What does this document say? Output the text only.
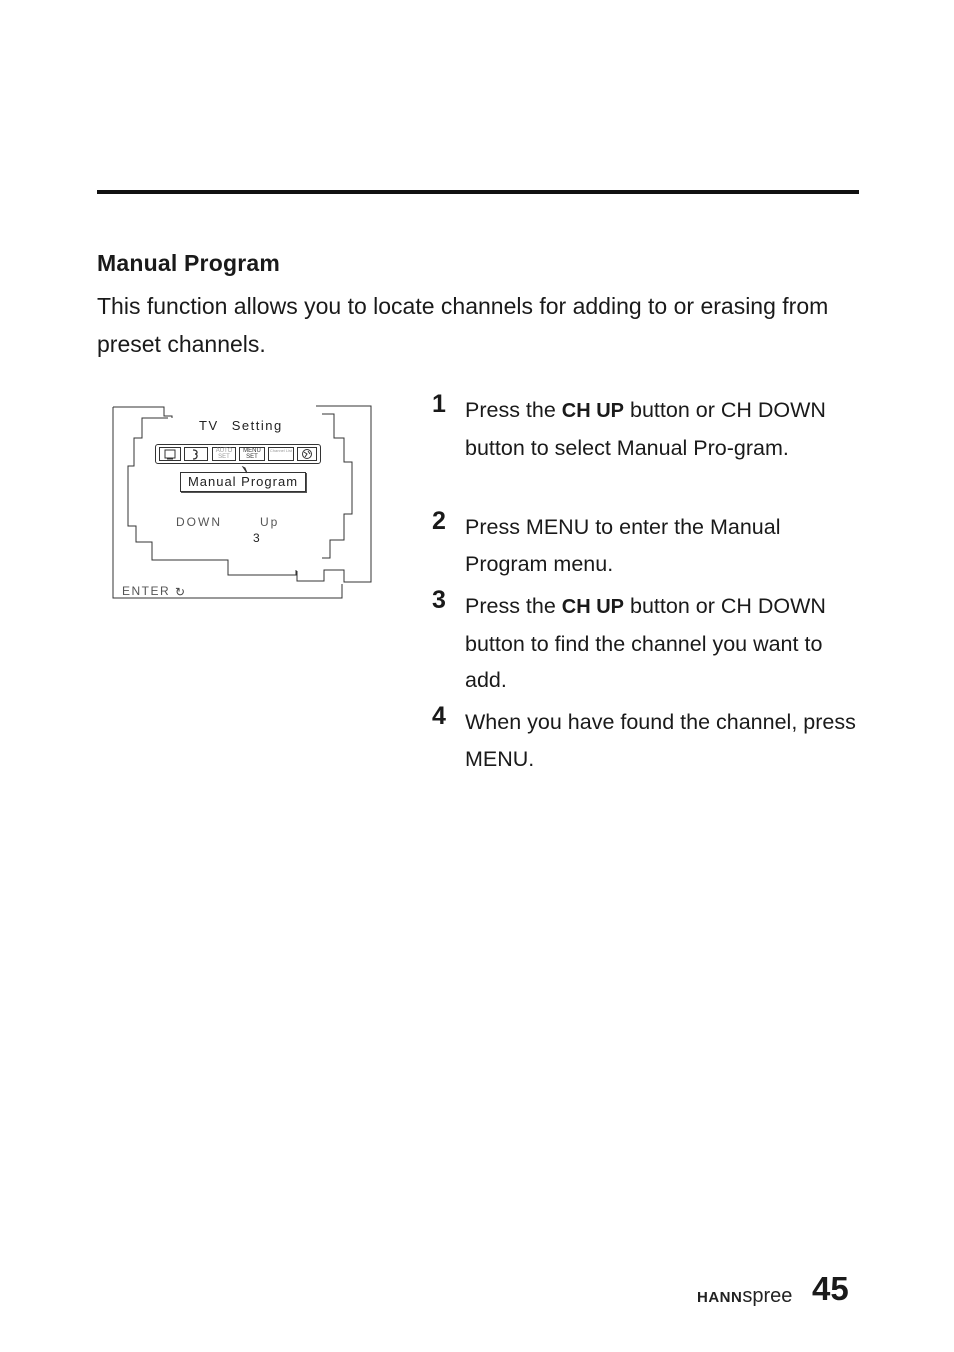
Manual Program
This function allows you to locate channels for adding to or erasing from preset channels.
TV Setting
AUTO SET
MENU SET
Channel List
Manual Program
DOWN	Up
3
ENTER ↻
1 Press the CH UP button or CH DOWN button to select Manual Pro-gram.
2 Press MENU to enter the Manual Program menu.
3 Press the CH UP button or CH DOWN button to find the channel you want to add.
4 When you have found the channel, press MENU.
HANNspree 45
